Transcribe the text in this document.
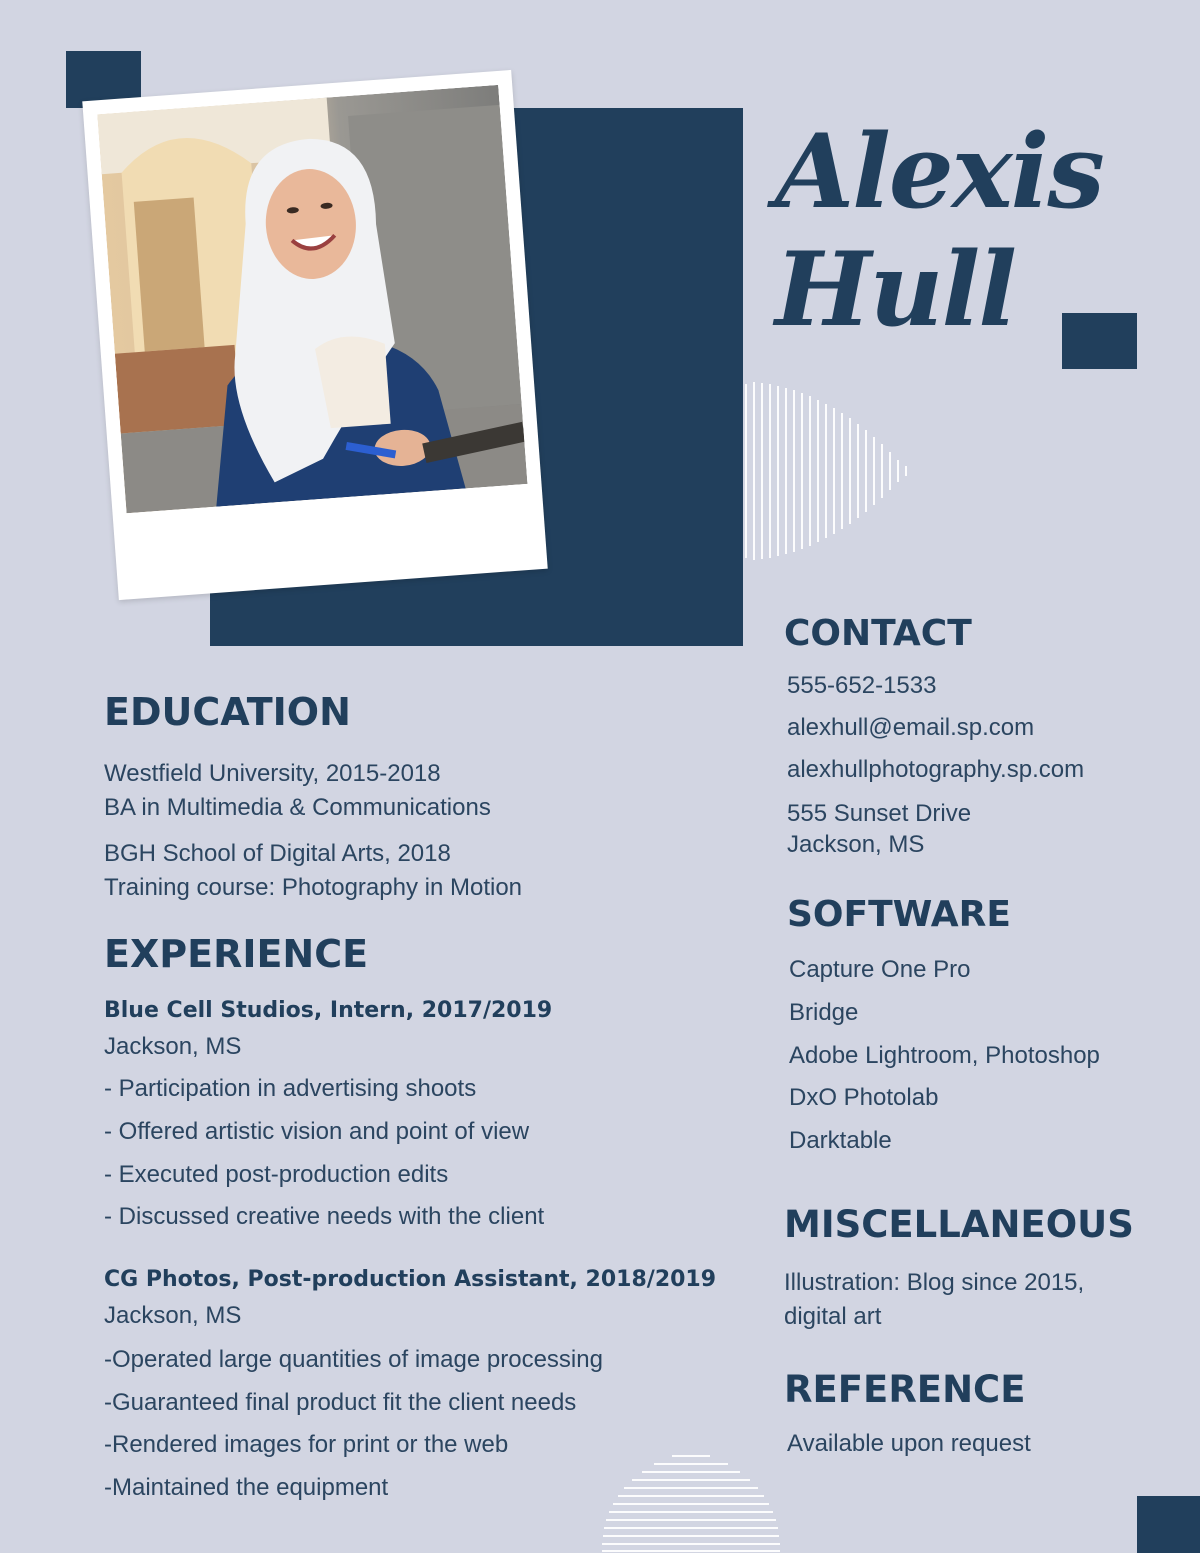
Alexis
Hull
EDUCATION
Westfield University, 2015-2018
BA in Multimedia & Communications
BGH School of Digital Arts, 2018
Training course: Photography in Motion
EXPERIENCE
Blue Cell Studios, Intern, 2017/2019
Jackson, MS
- Participation in advertising shoots
- Offered artistic vision and point of view
- Executed post-production edits
- Discussed creative needs with the client
CG Photos, Post-production Assistant, 2018/2019
Jackson, MS
-Operated large quantities of image processing
-Guaranteed final product fit the client needs
-Rendered images for print or the web
-Maintained the equipment
CONTACT
555-652-1533
alexhull@email.sp.com
alexhullphotography.sp.com
555 Sunset Drive
Jackson, MS
SOFTWARE
Capture One Pro
Bridge
Adobe Lightroom, Photoshop
DxO Photolab
Darktable
MISCELLANEOUS
Illustration: Blog since 2015,
digital art
REFERENCE
Available upon request
